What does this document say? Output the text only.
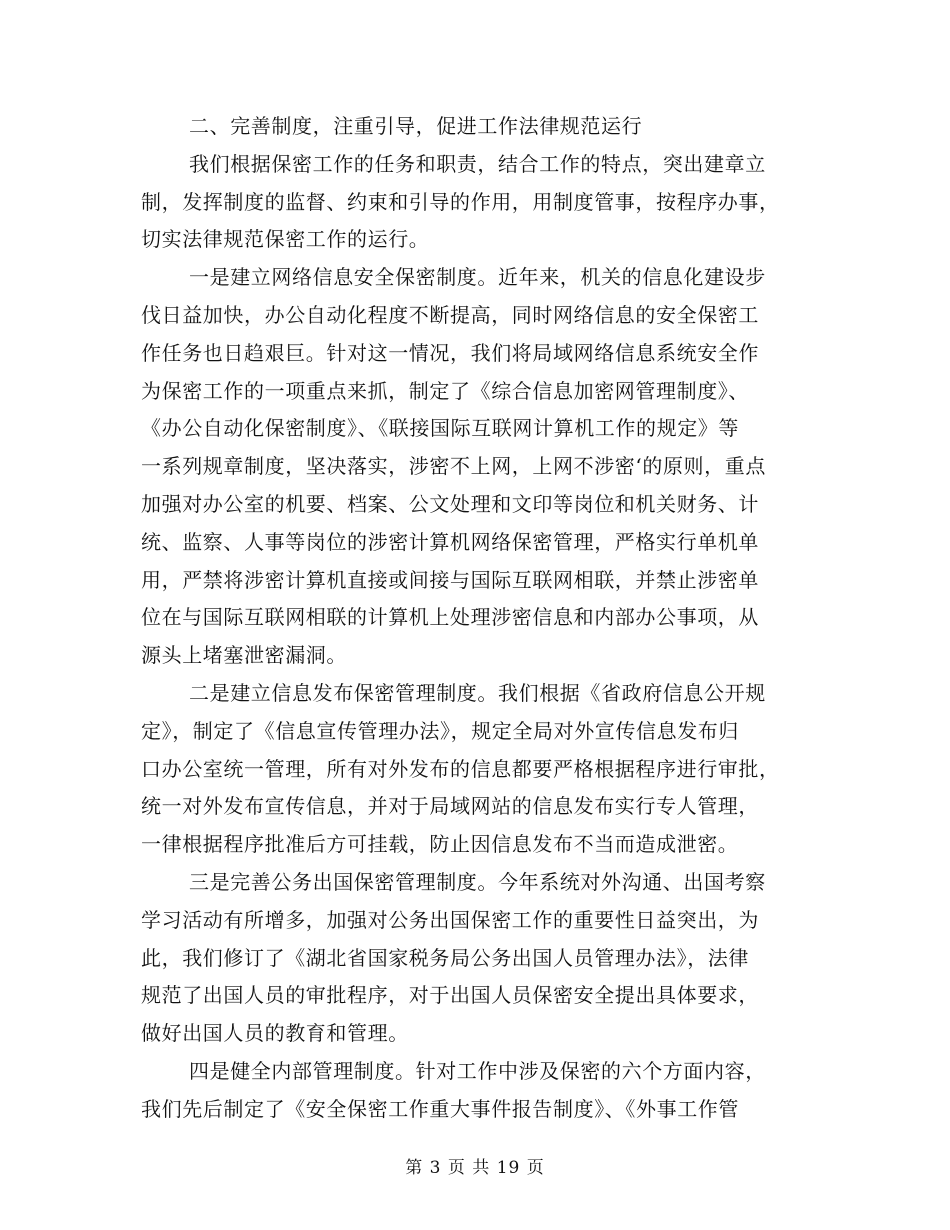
二、完善制度，注重引导，促进工作法律规范运行
我们根据保密工作的任务和职责，结合工作的特点，突出建章立
制，发挥制度的监督、约束和引导的作用，用制度管事，按程序办事，
切实法律规范保密工作的运行。
一是建立网络信息安全保密制度。近年来，机关的信息化建设步
伐日益加快，办公自动化程度不断提高，同时网络信息的安全保密工
作任务也日趋艰巨。针对这一情况，我们将局域网络信息系统安全作
为保密工作的一项重点来抓，制定了《综合信息加密网管理制度》、
《办公自动化保密制度》、《联接国际互联网计算机工作的规定》等
一系列规章制度，坚决落实，涉密不上网，上网不涉密‘的原则，重点
加强对办公室的机要、档案、公文处理和文印等岗位和机关财务、计
统、监察、人事等岗位的涉密计算机网络保密管理，严格实行单机单
用，严禁将涉密计算机直接或间接与国际互联网相联，并禁止涉密单
位在与国际互联网相联的计算机上处理涉密信息和内部办公事项，从
源头上堵塞泄密漏洞。
二是建立信息发布保密管理制度。我们根据《省政府信息公开规
定》，制定了《信息宣传管理办法》，规定全局对外宣传信息发布归
口办公室统一管理，所有对外发布的信息都要严格根据程序进行审批，
统一对外发布宣传信息，并对于局域网站的信息发布实行专人管理，
一律根据程序批准后方可挂载，防止因信息发布不当而造成泄密。
三是完善公务出国保密管理制度。今年系统对外沟通、出国考察
学习活动有所增多，加强对公务出国保密工作的重要性日益突出，为
此，我们修订了《湖北省国家税务局公务出国人员管理办法》，法律
规范了出国人员的审批程序，对于出国人员保密安全提出具体要求，
做好出国人员的教育和管理。
四是健全内部管理制度。针对工作中涉及保密的六个方面内容，
我们先后制定了《安全保密工作重大事件报告制度》、《外事工作管
第 3 页 共 19 页
